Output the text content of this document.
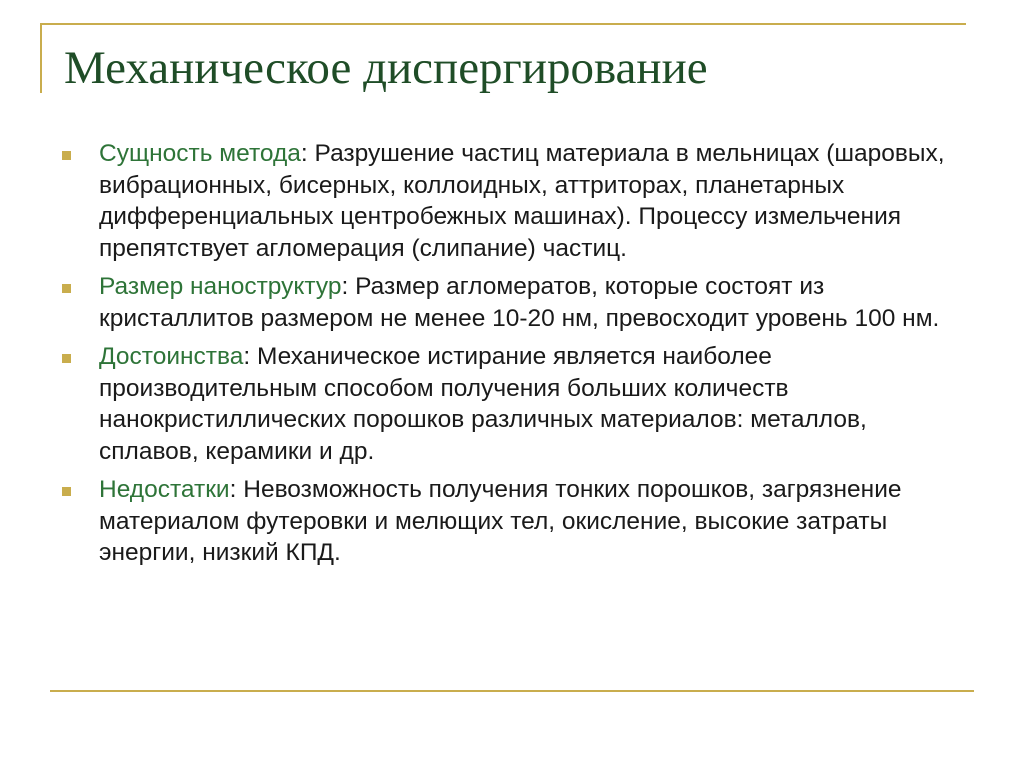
Механическое диспергирование
Сущность метода: Разрушение частиц материала в мельницах (шаровых, вибрационных, бисерных, коллоидных, аттриторах, планетарных дифференциальных центробежных машинах). Процессу измельчения препятствует агломерация (слипание) частиц.
Размер наноструктур: Размер агломератов, которые состоят из кристаллитов размером не менее 10-20 нм, превосходит уровень 100 нм.
Достоинства: Механическое истирание является наиболее производительным способом получения больших количеств нанокристиллических порошков различных материалов: металлов, сплавов, керамики и др.
Недостатки: Невозможность получения тонких порошков, загрязнение материалом футеровки и мелющих тел, окисление, высокие затраты энергии, низкий КПД.
